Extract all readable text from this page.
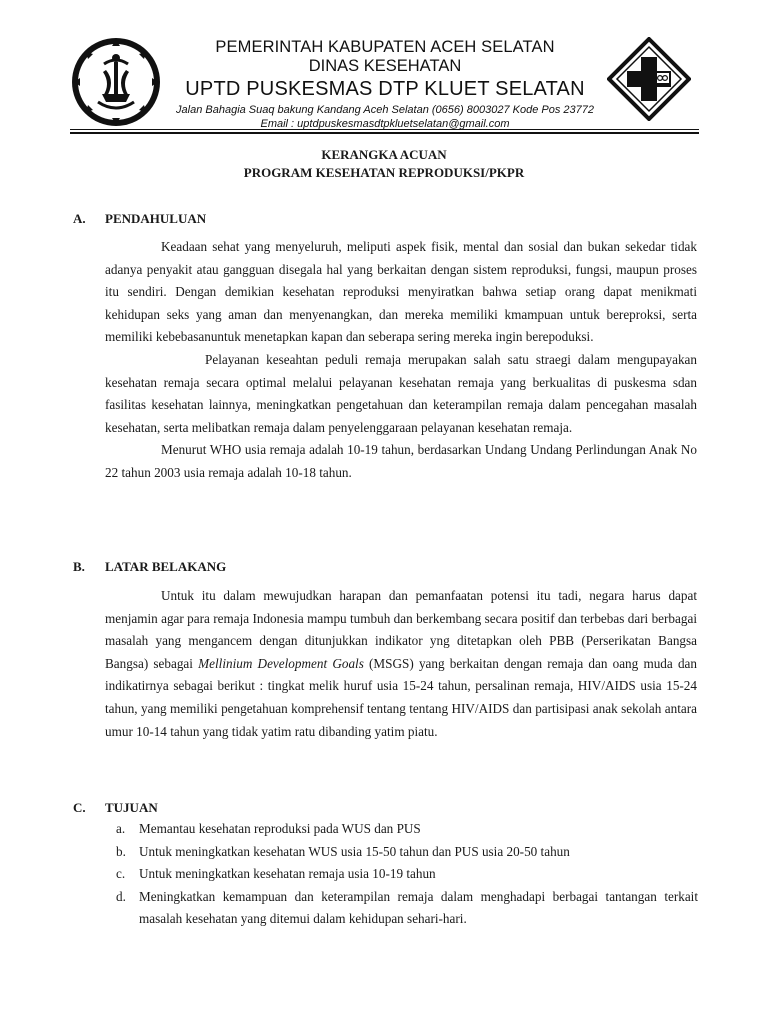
PEMERINTAH KABUPATEN ACEH SELATAN
DINAS KESEHATAN
UPTD PUSKESMAS DTP KLUET SELATAN
Jalan Bahagia Suaq bakung Kandang Aceh Selatan (0656) 8003027 Kode Pos 23772
Email : uptdpuskesmasdtpkluetselatan@gmail.com
KERANGKA ACUAN
PROGRAM KESEHATAN REPRODUKSI/PKPR
A. PENDAHULUAN

Keadaan sehat yang menyeluruh, meliputi aspek fisik, mental dan sosial dan bukan sekedar tidak adanya penyakit atau gangguan disegala hal yang berkaitan dengan sistem reproduksi, fungsi, maupun proses itu sendiri. Dengan demikian kesehatan reproduksi menyiratkan bahwa setiap orang dapat menikmati kehidupan seks yang aman dan menyenangkan, dan mereka memiliki kmampuan untuk bereproksi, serta memiliki kebebasanuntuk menetapkan kapan dan seberapa sering mereka ingin berepoduksi.

Pelayanan keseahtan peduli remaja merupakan salah satu straegi dalam mengupayakan kesehatan remaja secara optimal melalui pelayanan kesehatan remaja yang berkualitas di puskesma sdan fasilitas kesehatan lainnya, meningkatkan pengetahuan dan keterampilan remaja dalam pencegahan masalah kesehatan, serta melibatkan remaja dalam penyelenggaraan pelayanan kesehatan remaja.

Menurut WHO usia remaja adalah 10-19 tahun, berdasarkan Undang Undang Perlindungan Anak No 22 tahun 2003 usia remaja adalah 10-18 tahun.

B. LATAR BELAKANG

Untuk itu dalam mewujudkan harapan dan pemanfaatan potensi itu tadi, negara harus dapat menjamin agar para remaja Indonesia mampu tumbuh dan berkembang secara positif dan terbebas dari berbagai masalah yang mengancem dengan ditunjukkan indikator yng ditetapkan oleh PBB (Perserikatan Bangsa Bangsa) sebagai Mellinium Development Goals (MSGS) yang berkaitan dengan remaja dan oang muda dan indikatirnya sebagai berikut : tingkat melik huruf usia 15-24 tahun, persalinan remaja, HIV/AIDS usia 15-24 tahun, yang memiliki pengetahuan komprehensif tentang tentang HIV/AIDS dan partisipasi anak sekolah antara umur 10-14 tahun yang tidak yatim ratu dibanding yatim piatu.

C. TUJUAN
a.	Memantau kesehatan reproduksi pada WUS dan PUS
b. Untuk meningkatkan kesehatan WUS usia 15-50 tahun dan PUS usia 20-50 tahun
c.	Untuk meningkatkan kesehatan remaja usia 10-19 tahun
d. Meningkatkan kemampuan dan keterampilan remaja dalam menghadapi berbagai tantangan terkait masalah kesehatan yang ditemui dalam kehidupan sehari-hari.
